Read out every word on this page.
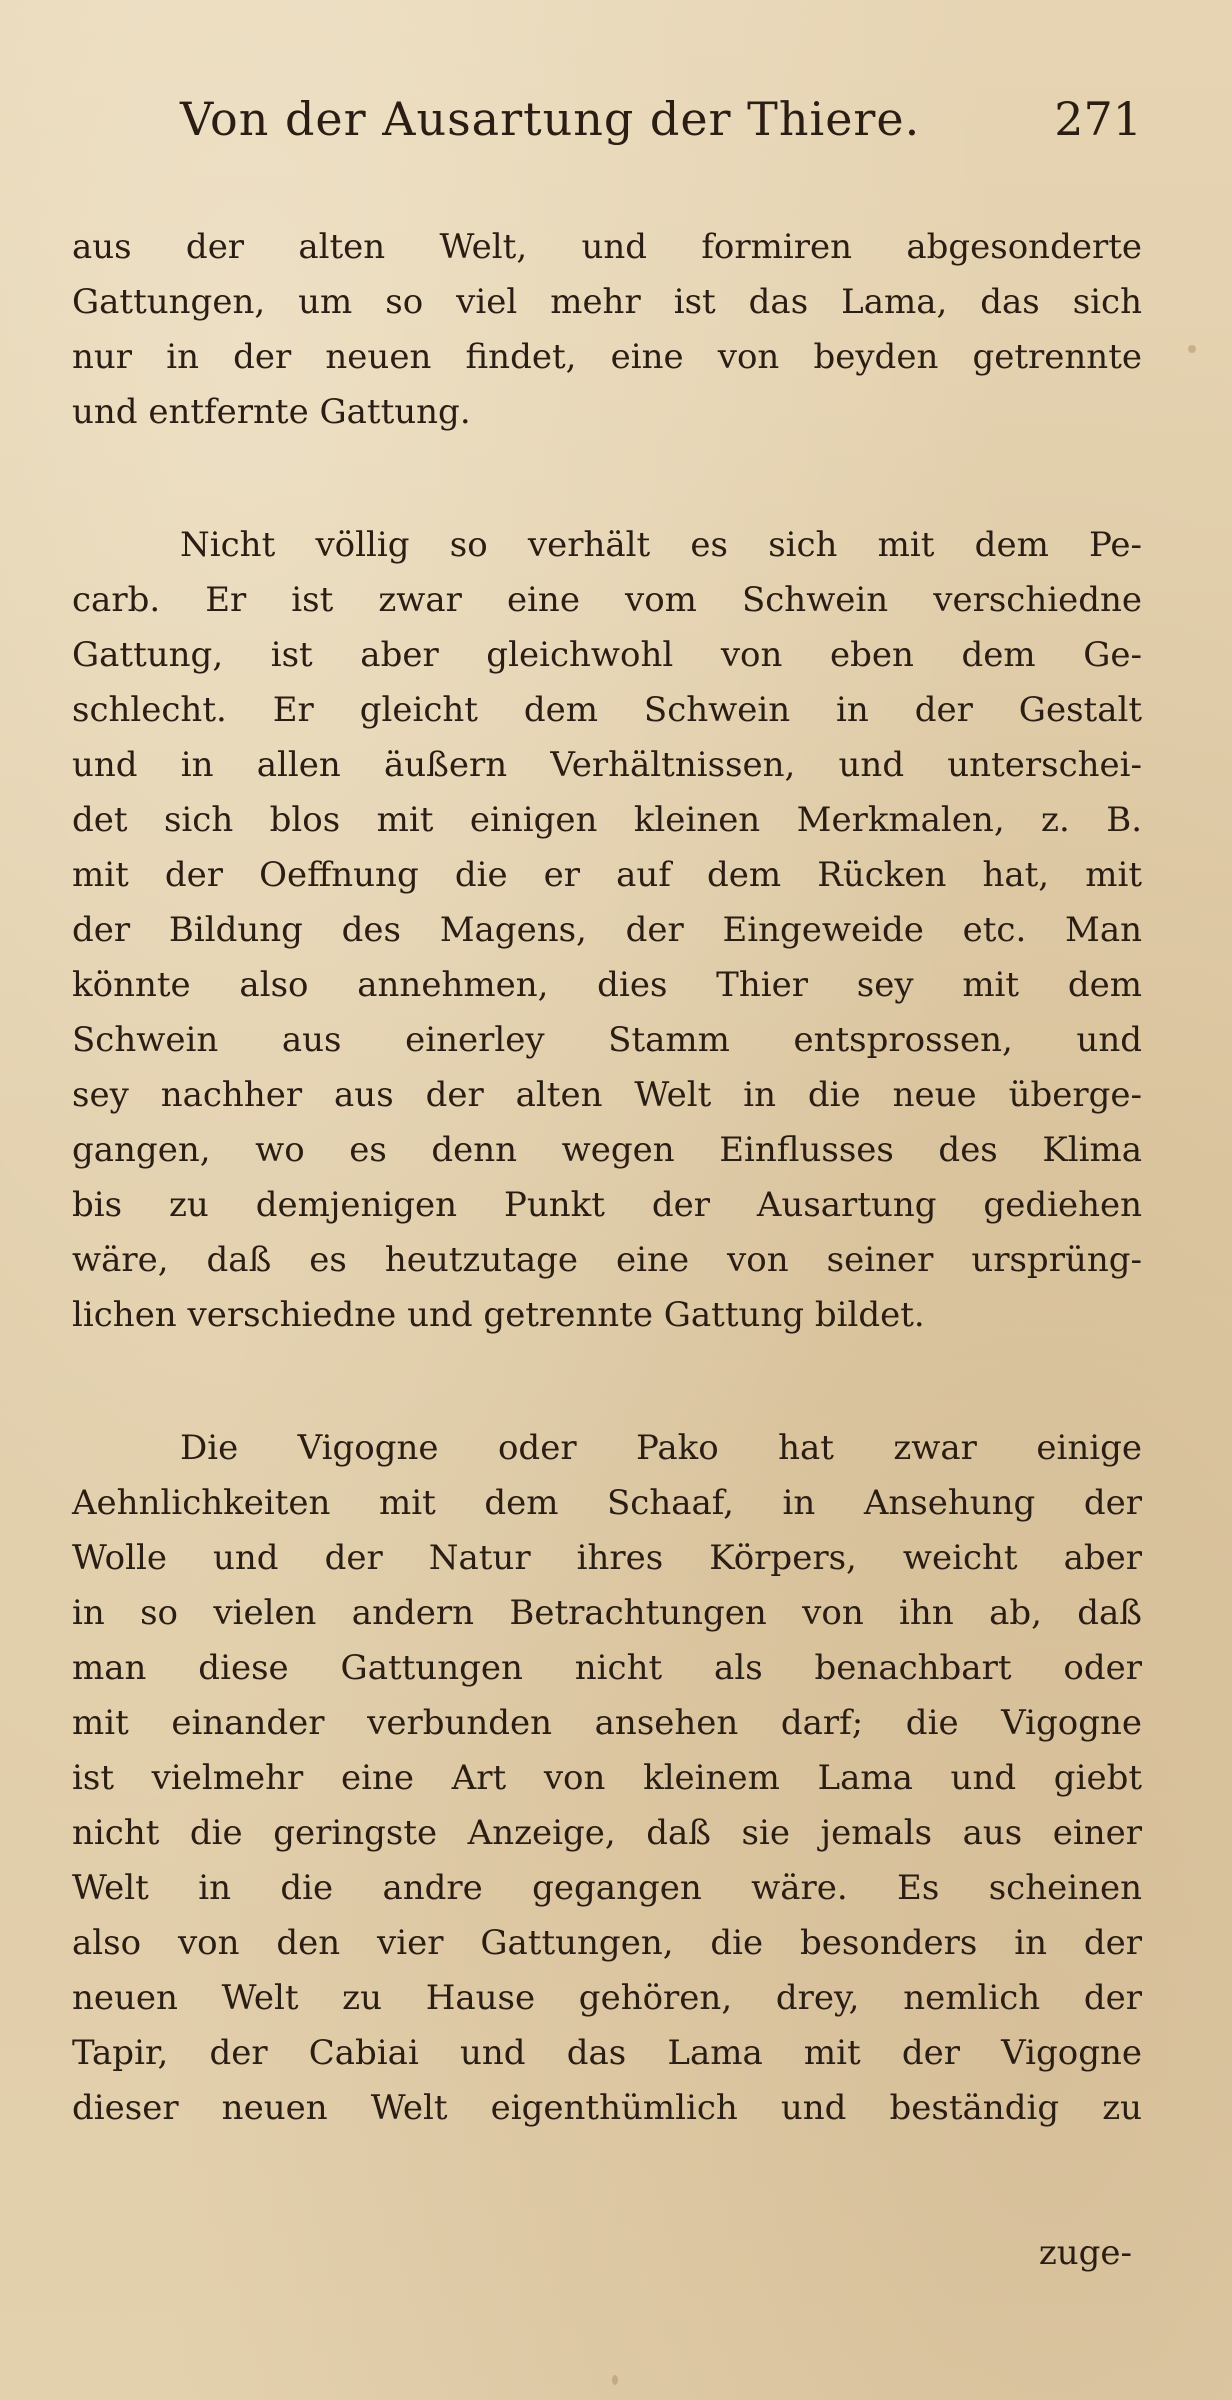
Von der Ausartung der Thiere.	271
aus der alten Welt, und formiren abgesonderte
Gattungen, um so viel mehr ist das Lama, das sich
nur in der neuen findet, eine von beyden getrennte
und entfernte Gattung.
Nicht völlig so verhält es sich mit dem Pe-
carb. Er ist zwar eine vom Schwein verschiedne
Gattung, ist aber gleichwohl von eben dem Ge-
schlecht. Er gleicht dem Schwein in der Gestalt
und in allen äußern Verhältnissen, und unterschei-
det sich blos mit einigen kleinen Merkmalen, z. B.
mit der Oeffnung die er auf dem Rücken hat, mit
der Bildung des Magens, der Eingeweide etc. Man
könnte also annehmen, dies Thier sey mit dem
Schwein aus einerley Stamm entsprossen, und
sey nachher aus der alten Welt in die neue überge-
gangen, wo es denn wegen Einflusses des Klima
bis zu demjenigen Punkt der Ausartung gediehen
wäre, daß es heutzutage eine von seiner ursprüng-
lichen verschiedne und getrennte Gattung bildet.
Die Vigogne oder Pako hat zwar einige
Aehnlichkeiten mit dem Schaaf, in Ansehung der
Wolle und der Natur ihres Körpers, weicht aber
in so vielen andern Betrachtungen von ihn ab, daß
man diese Gattungen nicht als benachbart oder
mit einander verbunden ansehen darf; die Vigogne
ist vielmehr eine Art von kleinem Lama und giebt
nicht die geringste Anzeige, daß sie jemals aus einer
Welt in die andre gegangen wäre. Es scheinen
also von den vier Gattungen, die besonders in der
neuen Welt zu Hause gehören, drey, nemlich der
Tapir, der Cabiai und das Lama mit der Vigogne
dieser neuen Welt eigenthümlich und beständig zu
zuge-
